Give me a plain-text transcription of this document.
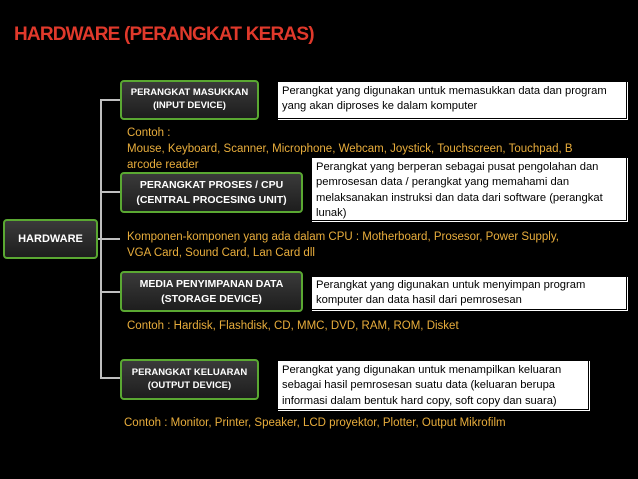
HARDWARE (PERANGKAT KERAS)
HARDWARE
PERANGKAT MASUKKAN
(INPUT DEVICE)
Perangkat yang digunakan untuk memasukkan data dan program yang akan diproses ke dalam komputer
Contoh :
Mouse, Keyboard, Scanner, Microphone, Webcam, Joystick, Touchscreen, Touchpad, B
arcode reader
PERANGKAT PROSES / CPU
(CENTRAL PROCESING UNIT)
Perangkat yang berperan sebagai pusat pengolahan dan pemrosesan data / perangkat yang memahami dan melaksanakan instruksi dan data dari software (perangkat lunak)
Komponen-komponen yang ada dalam CPU : Motherboard, Prosesor, Power Supply,
VGA Card, Sound Card, Lan Card dll
MEDIA PENYIMPANAN DATA
(STORAGE DEVICE)
Perangkat yang digunakan untuk menyimpan program komputer dan data hasil dari pemrosesan
Contoh : Hardisk, Flashdisk, CD, MMC, DVD, RAM, ROM, Disket
PERANGKAT KELUARAN
(OUTPUT DEVICE)
Perangkat yang digunakan untuk menampilkan keluaran sebagai hasil pemrosesan suatu data (keluaran berupa informasi dalam bentuk hard copy, soft copy dan suara)
Contoh : Monitor, Printer, Speaker, LCD proyektor, Plotter, Output Mikrofilm
